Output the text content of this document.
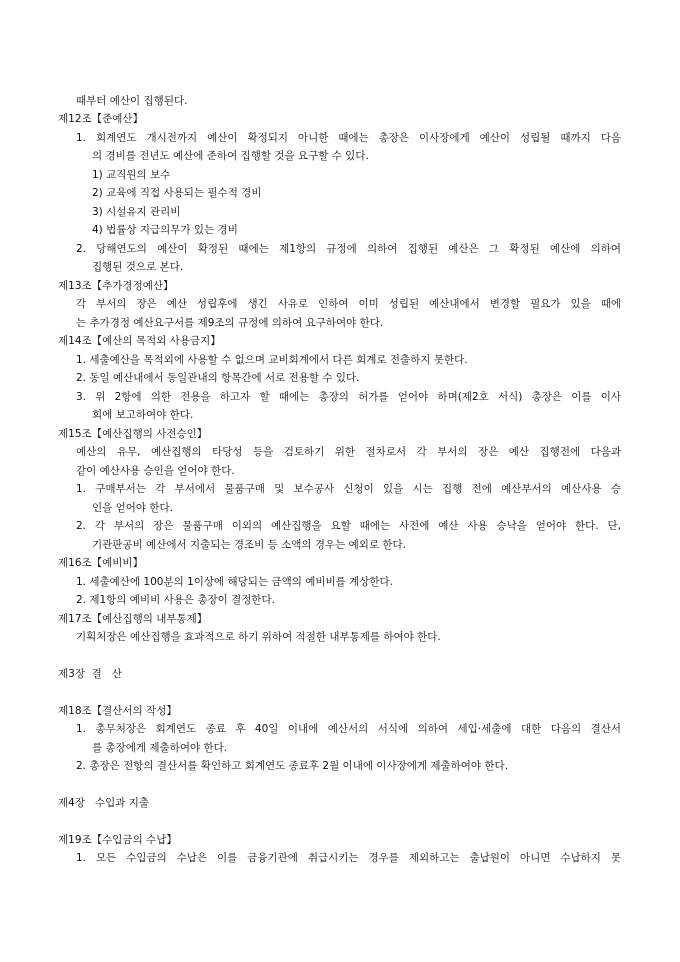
때부터 예산이 집행된다.
제12조【준예산】
1. 회계연도 개시전까지 예산이 확정되지 아니한 때에는 총장은 이사장에게 예산이 성립될 때까지 다음
의 경비를 전년도 예산에 준하여 집행할 것을 요구할 수 있다.
1) 교직원의 보수
2) 교육에 직접 사용되는 필수적 경비
3) 시설유지 관리비
4) 법률상 지급의무가 있는 경비
2. 당해연도의 예산이 확정된 때에는 제1항의 규정에 의하여 집행된 예산은 그 확정된 예산에 의하여
집행된 것으로 본다.
제13조【추가경정예산】
각 부서의 장은 예산 성립후에 생긴 사유로 인하여 이미 성립된 예산내에서 변경할 필요가 있을 때에
는 추가경정 예산요구서를 제9조의 규정에 의하여 요구하여야 한다.
제14조【예산의 목적외 사용금지】
1. 세출예산을 목적외에 사용할 수 없으며 교비회계에서 다른 회계로 전출하지 못한다.
2. 동일 예산내에서 동일관내의 항목간에 서로 전용할 수 있다.
3. 위 2항에 의한 전용을 하고자 할 때에는 총장의 허가를 얻어야 하며(제2호 서식) 총장은 이를 이사
회에 보고하여야 한다.
제15조【예산집행의 사전승인】
예산의 유무, 예산집행의 타당성 등을 검토하기 위한 절차로서 각 부서의 장은 예산 집행전에 다음과
같이 예산사용 승인을 얻어야 한다.
1. 구매부서는 각 부서에서 물품구매 및 보수공사 신청이 있을 시는 집행 전에 예산부서의 예산사용 승
인을 얻어야 한다.
2. 각 부서의 장은 물품구매 이외의 예산집행을 요할 때에는 사전에 예산 사용 승낙을 얻어야 한다. 단,
기관판공비 예산에서 지출되는 경조비 등 소액의 경우는 예외로 한다.
제16조【예비비】
1. 세출예산에 100분의 1이상에 해당되는 금액의 예비비를 계상한다.
2. 제1항의 예비비 사용은 총장이 결정한다.
제17조【예산집행의 내부통제】
기획처장은 예산집행을 효과적으로 하기 위하여 적절한 내부통제를 하여야 한다.
제3장  결   산
제18조【결산서의 작성】
1. 총무처장은 회계연도 종료 후 40일 이내에 예산서의 서식에 의하여 세입·세출에 대한 다음의 결산서
를 총장에게 제출하여야 한다.
2. 총장은 전항의 결산서를 확인하고 회계연도 종료후 2월 이내에 이사장에게 제출하여야 한다.
제4장   수입과 지출
제19조【수입금의 수납】
1. 모든 수입금의 수납은 이를 금융기관에 취급시키는 경우를 제외하고는 출납원이 아니면 수납하지 못
